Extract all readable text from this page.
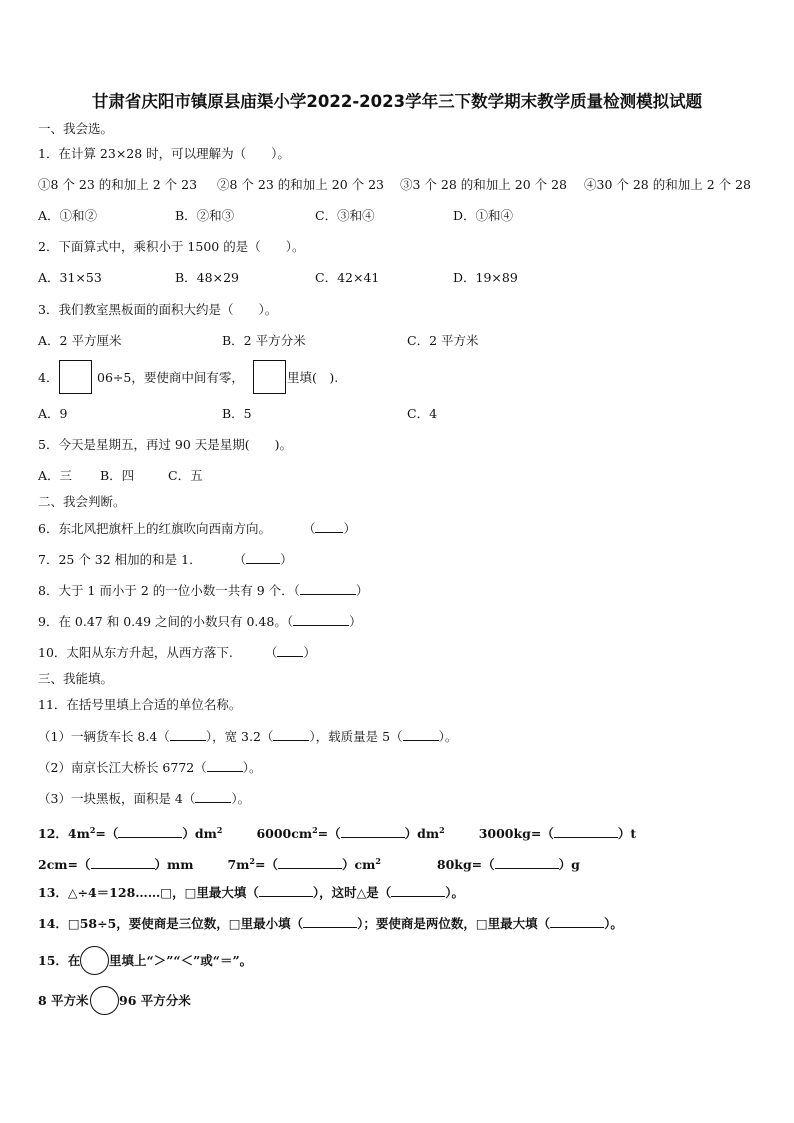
甘肃省庆阳市镇原县庙渠小学2022-2023学年三下数学期末教学质量检测模拟试题
一、我会选。
1．在计算 23×28 时，可以理解为（　　）。
①8 个 23 的和加上 2 个 23 ②8 个 23 的和加上 20 个 23 ③3 个 28 的和加上 20 个 28 ④30 个 28 的和加上 2 个 28
A．①和②	B．②和③	C．③和④	D．①和④
2．下面算式中，乘积小于 1500 的是（　　）。
A．31×53	B．48×29	C．42×41	D．19×89
3．我们教室黑板面的面积大约是（　　）。
A．2 平方厘米	B．2 平方分米	C．2 平方米
4．	06÷5，要使商中间有零，	里填(　).
A．9	B．5	C．4
5．今天是星期五，再过 90 天是星期(　　)。
A．三 B．四	C．五
二、我会判断。
6．东北风把旗杆上的红旗吹向西南方向。	（ ）
7．25 个 32 相加的和是 1．	（	）
8．大于 1 而小于 2 的一位小数一共有 9 个．（	）
9．在 0.47 和 0.49 之间的小数只有 0.48。（	）
10．太阳从东方升起，从西方落下.	（ ）
三、我能填。
11．在括号里填上合适的单位名称。
（1）一辆货车长 8.4（	），宽 3.2（	），载质量是 5（	）。
（2）南京长江大桥长 6772（	）。
（3）一块黑板，面积是 4（	）。
12．$4m^2=$（	）$dm^2$	$6000cm^2=$（	）$dm^2$	3000kg=（	）t
2cm=（	）mm	$7m^2=$（	）$cm^2$	80kg=（	）g
13．△÷4＝128……□，□里最大填（	），这时△是（	）。
14．□58÷5，要使商是三位数，□里最小填（	）；要使商是两位数，□里最大填（	）。
15．在 里填上“＞”“＜”或“＝”。
8 平方米 96 平方分米
